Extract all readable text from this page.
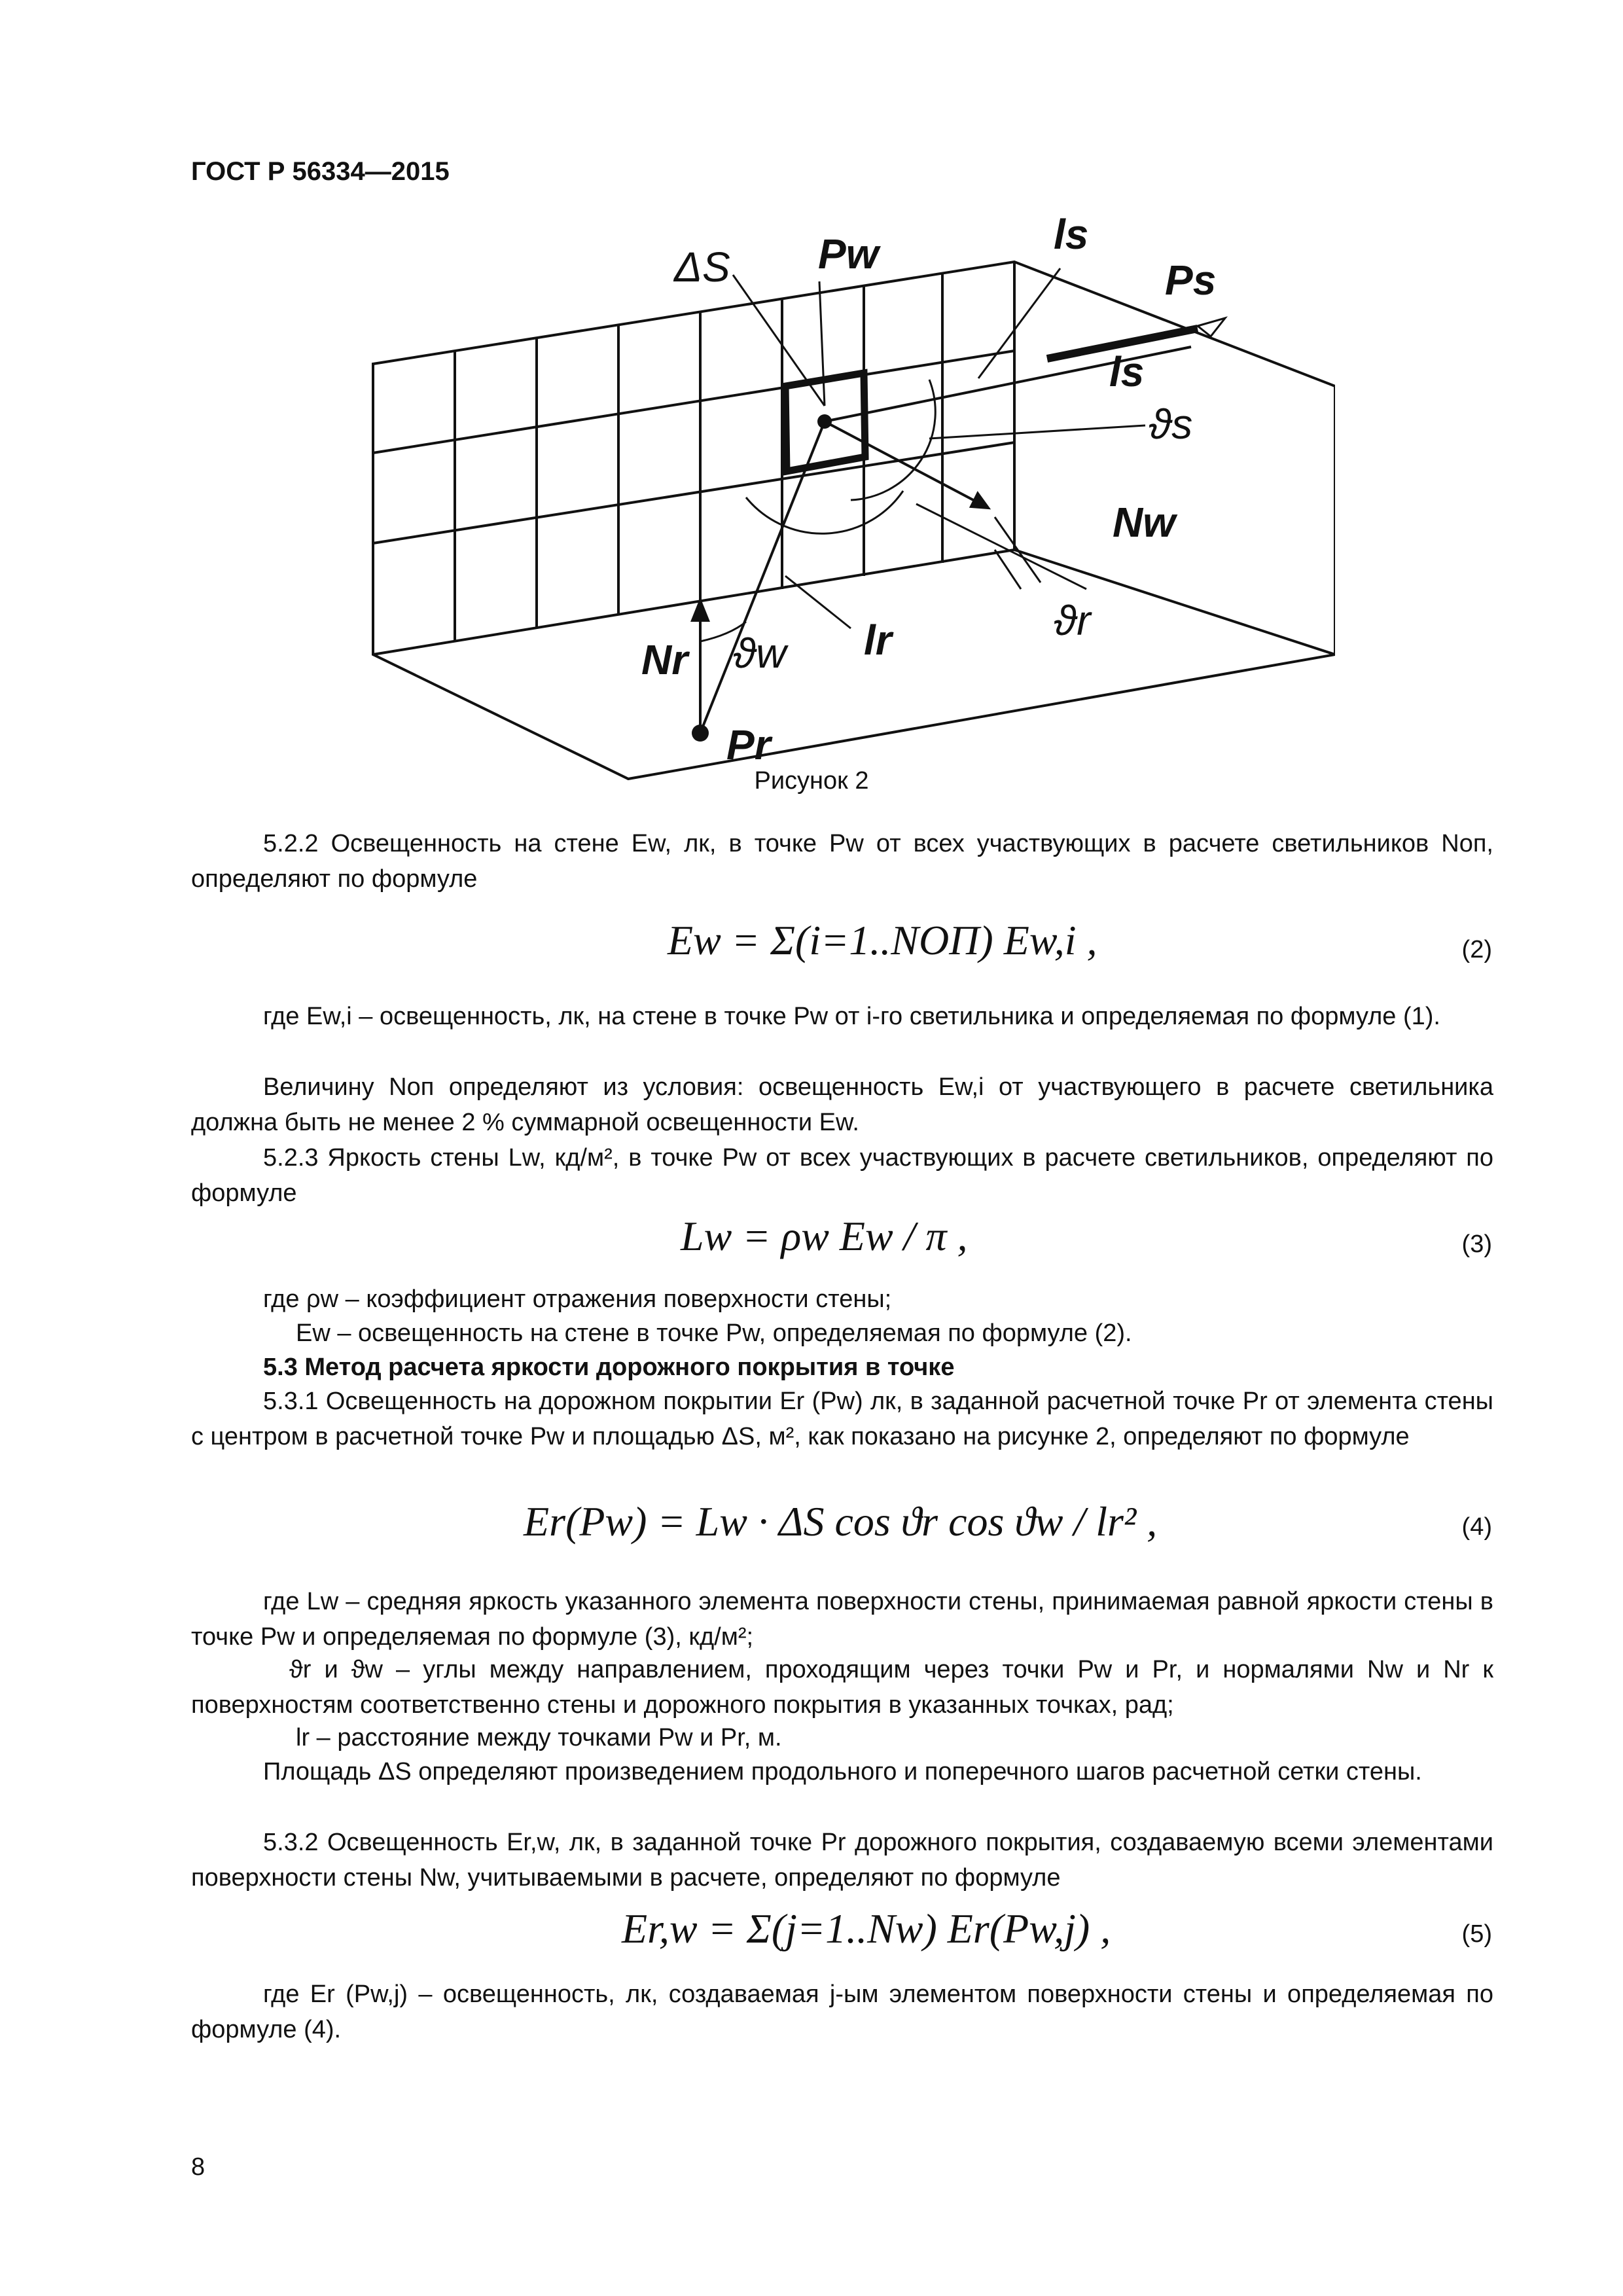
ГОСТ Р 56334—2015
ΔS Pw	ls
Ps
ls
ϑs
Nw
ϑr
lr
ϑw
Nr
Pr
Рисунок 2
5.2.2 Освещенность на стене Ew, лк, в точке Pw от всех участвующих в расчете светильников Nоп, определяют по формуле
Ew = Σ(i=1..NОП) Ew,i ,	(2)
где Ew,i – освещенность, лк, на стене в точке Pw от i-го светильника и определяемая по формуле (1).
Величину Nоп определяют из условия: освещенность Ew,i от участвующего в расчете светильника должна быть не менее 2 % суммарной освещенности Ew.
5.2.3 Яркость стены Lw, кд/м², в точке Pw от всех участвующих в расчете светильников, определяют по формуле
Lw = ρw Ew / π ,	(3)
где ρw – коэффициент отражения поверхности стены;
Ew – освещенность на стене в точке Pw, определяемая по формуле (2).
5.3 Метод расчета яркости дорожного покрытия в точке
5.3.1 Освещенность на дорожном покрытии Er (Pw) лк, в заданной расчетной точке Pr от элемента стены с центром в расчетной точке Pw и площадью ΔS, м², как показано на рисунке 2, определяют по формуле
Er(Pw) = Lw · ΔS cos ϑr cos ϑw / lr² ,	(4)
где Lw – средняя яркость указанного элемента поверхности стены, принимаемая равной яркости стены в точке Pw и определяемая по формуле (3), кд/м²;
ϑr и ϑw – углы между направлением, проходящим через точки Pw и Pr, и нормалями Nw и Nr к поверхностям соответственно стены и дорожного покрытия в указанных точках, рад;
lr – расстояние между точками Pw и Pr, м.
Площадь ΔS определяют произведением продольного и поперечного шагов расчетной сетки стены.
5.3.2 Освещенность Er,w, лк, в заданной точке Pr дорожного покрытия, создаваемую всеми элементами поверхности стены Nw, учитываемыми в расчете, определяют по формуле
Er,w = Σ(j=1..Nw) Er(Pw,j) ,	(5)
где Er (Pw,j) – освещенность, лк, создаваемая j-ым элементом поверхности стены и определяемая по формуле (4).
8
